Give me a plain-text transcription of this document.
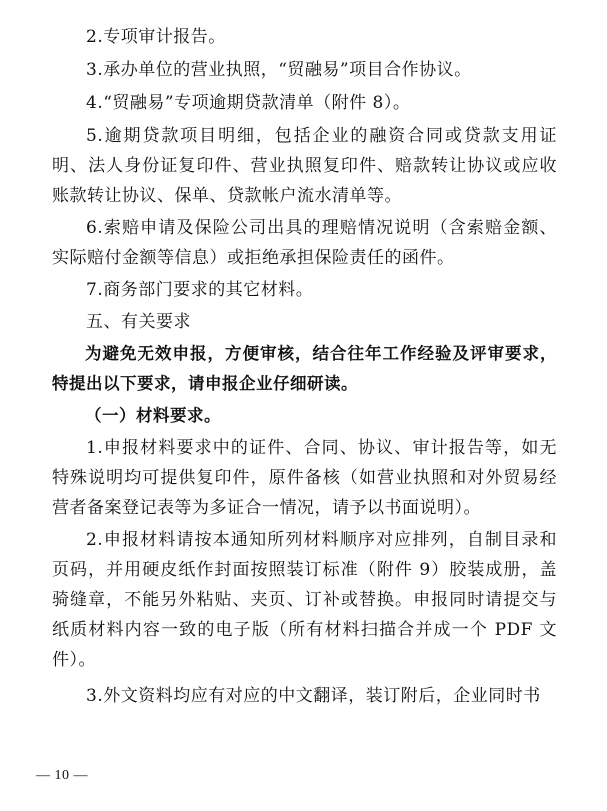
2.专项审计报告。

3.承办单位的营业执照，“贸融易”项目合作协议。

4.“贸融易”专项逾期贷款清单（附件 8）。

5.逾期贷款项目明细，包括企业的融资合同或贷款支用证明、法人身份证复印件、营业执照复印件、赔款转让协议或应收账款转让协议、保单、贷款帐户流水清单等。

6.索赔申请及保险公司出具的理赔情况说明（含索赔金额、实际赔付金额等信息）或拒绝承担保险责任的函件。

7.商务部门要求的其它材料。

五、有关要求

为避免无效申报，方便审核，结合往年工作经验及评审要求，特提出以下要求，请申报企业仔细研读。

（一）材料要求。

1.申报材料要求中的证件、合同、协议、审计报告等，如无特殊说明均可提供复印件，原件备核（如营业执照和对外贸易经营者备案登记表等为多证合一情况，请予以书面说明）。

2.申报材料请按本通知所列材料顺序对应排列，自制目录和页码，并用硬皮纸作封面按照装订标准（附件 9）胶装成册，盖骑缝章，不能另外粘贴、夹页、订补或替换。申报同时请提交与纸质材料内容一致的电子版（所有材料扫描合并成一个 PDF 文件）。

3.外文资料均应有对应的中文翻译，装订附后，企业同时书

— 10 —
